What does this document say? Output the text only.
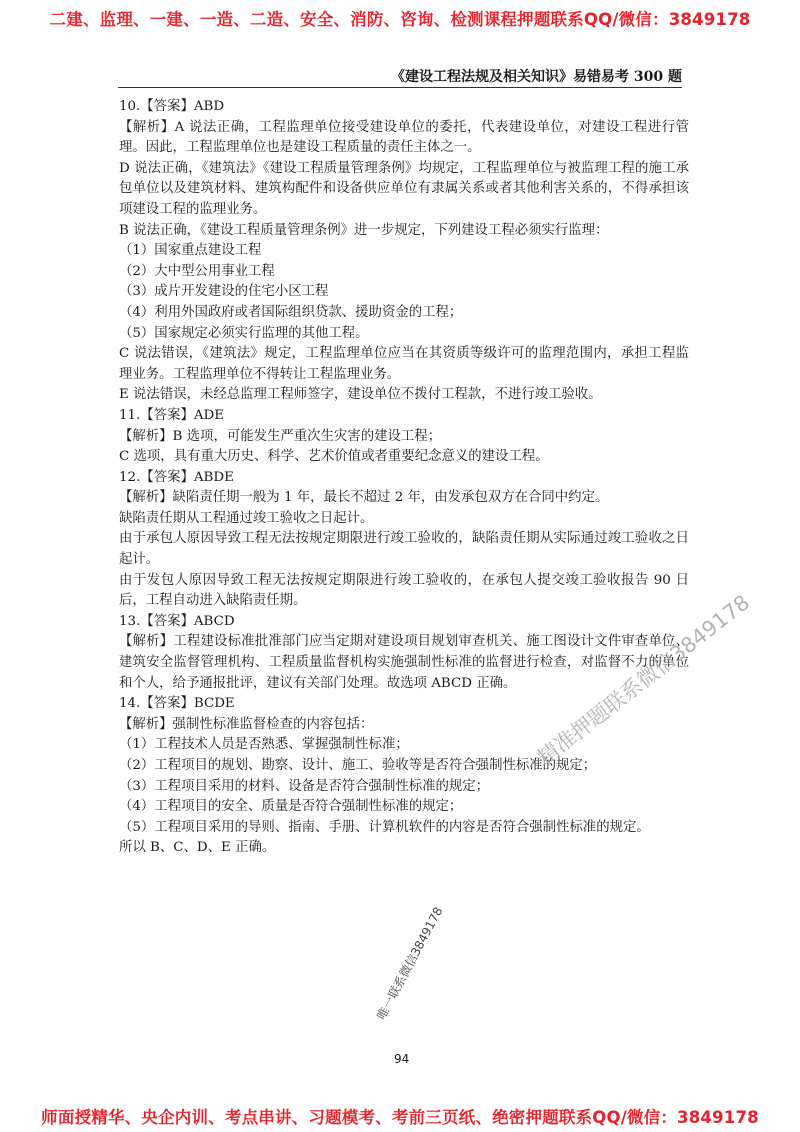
二建、监理、一建、一造、二造、安全、消防、咨询、检测课程押题联系QQ/微信：3849178
《建设工程法规及相关知识》易错易考 300 题

10.【答案】ABD

【解析】A 说法正确，工程监理单位接受建设单位的委托，代表建设单位，对建设工程进行管理。因此，工程监理单位也是建设工程质量的责任主体之一。

D 说法正确，《建筑法》《建设工程质量管理条例》均规定，工程监理单位与被监理工程的施工承包单位以及建筑材料、建筑构配件和设备供应单位有隶属关系或者其他利害关系的，不得承担该项建设工程的监理业务。

B 说法正确，《建设工程质量管理条例》进一步规定，下列建设工程必须实行监理：

（1）国家重点建设工程

（2）大中型公用事业工程

（3）成片开发建设的住宅小区工程

（4）利用外国政府或者国际组织贷款、援助资金的工程；

（5）国家规定必须实行监理的其他工程。

C 说法错误，《建筑法》规定，工程监理单位应当在其资质等级许可的监理范围内，承担工程监理业务。工程监理单位不得转让工程监理业务。

E 说法错误，未经总监理工程师签字，建设单位不拨付工程款，不进行竣工验收。

11.【答案】ADE

【解析】B 选项，可能发生严重次生灾害的建设工程；

C 选项，具有重大历史、科学、艺术价值或者重要纪念意义的建设工程。

12.【答案】ABDE

【解析】缺陷责任期一般为 1 年，最长不超过 2 年，由发承包双方在合同中约定。

缺陷责任期从工程通过竣工验收之日起计。

由于承包人原因导致工程无法按规定期限进行竣工验收的，缺陷责任期从实际通过竣工验收之日起计。

由于发包人原因导致工程无法按规定期限进行竣工验收的，在承包人提交竣工验收报告 90 日后，工程自动进入缺陷责任期。

13.【答案】ABCD

【解析】工程建设标准批准部门应当定期对建设项目规划审查机关、施工图设计文件审查单位、建筑安全监督管理机构、工程质量监督机构实施强制性标准的监督进行检查，对监督不力的单位和个人，给予通报批评，建议有关部门处理。故选项 ABCD 正确。

14.【答案】BCDE

【解析】强制性标准监督检查的内容包括：

（1）工程技术人员是否熟悉、掌握强制性标准；

（2）工程项目的规划、勘察、设计、施工、验收等是否符合强制性标准的规定；

（3）工程项目采用的材料、设备是否符合强制性标准的规定；

（4）工程项目的安全、质量是否符合强制性标准的规定；

（5）工程项目采用的导则、指南、手册、计算机软件的内容是否符合强制性标准的规定。

所以 B、C、D、E 正确。

精准押题联系微信3849178
唯一联系微信3849178
94
师面授精华、央企内训、考点串讲、习题模考、考前三页纸、绝密押题联系QQ/微信：3849178
